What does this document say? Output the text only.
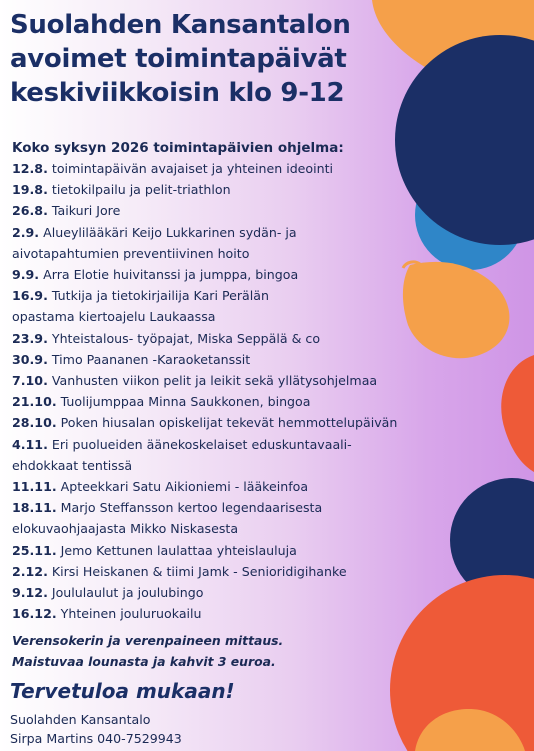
Suolahden Kansantalon
avoimet toimintapäivät
keskiviikkoisin klo 9-12
Koko syksyn 2026 toimintapäivien ohjelma:
12.8. toimintapäivän avajaiset ja yhteinen ideointi
19.8. tietokilpailu ja pelit-triathlon
26.8. Taikuri Jore
2.9. Alueylilääkäri Keijo Lukkarinen sydän- ja
aivotapahtumien preventiivinen hoito
9.9. Arra Elotie huivitanssi ja jumppa, bingoa
16.9. Tutkija ja tietokirjailija Kari Perälän
opastama kiertoajelu Laukaassa
23.9. Yhteistalous- työpajat, Miska Seppälä & co
30.9. Timo Paananen -Karaoketanssit
7.10. Vanhusten viikon pelit ja leikit sekä yllätysohjelmaa
21.10. Tuolijumppaa Minna Saukkonen, bingoa
28.10. Poken hiusalan opiskelijat tekevät hemmottelupäivän
4.11. Eri puolueiden äänekoskelaiset eduskuntavaali-
ehdokkaat tentissä
11.11. Apteekkari Satu Aikioniemi - lääkeinfoa
18.11. Marjo Steffansson kertoo legendaarisesta
elokuvaohjaajasta Mikko Niskasesta
25.11. Jemo Kettunen laulattaa yhteislauluja
2.12. Kirsi Heiskanen & tiimi Jamk - Senioridigihanke
9.12. Joululaulut ja joulubingo
16.12. Yhteinen jouluruokailu
Verensokerin ja verenpaineen mittaus.
Maistuvaa lounasta ja kahvit 3 euroa.
Tervetuloa mukaan!
Suolahden Kansantalo
Sirpa Martins 040-7529943
